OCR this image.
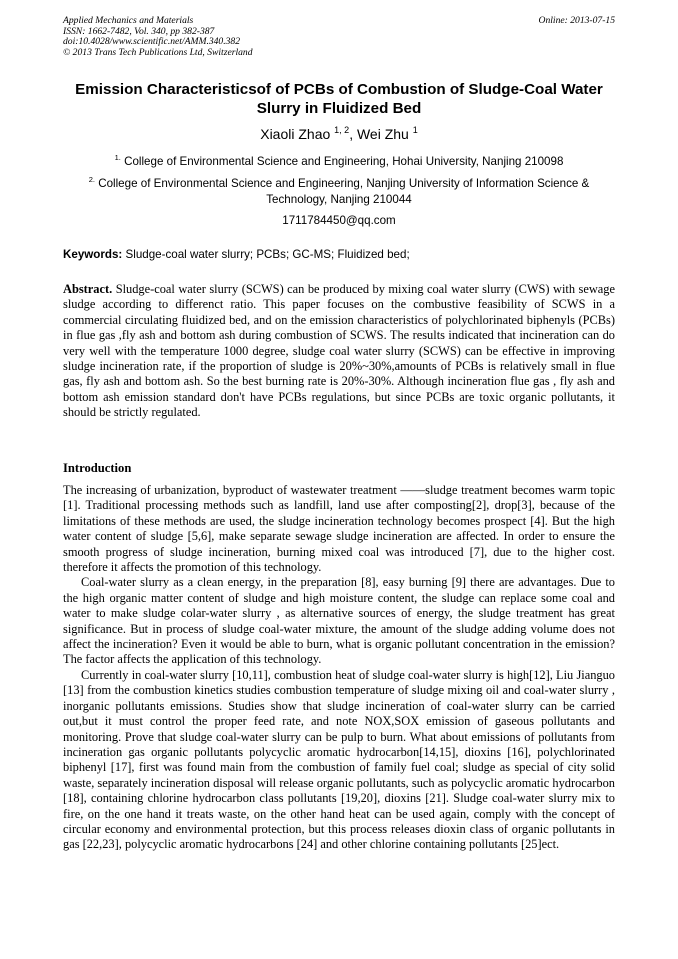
Applied Mechanics and Materials
ISSN: 1662-7482, Vol. 340, pp 382-387
doi:10.4028/www.scientific.net/AMM.340.382
© 2013 Trans Tech Publications Ltd, Switzerland
Online: 2013-07-15
Emission Characteristicsof of PCBs of Combustion of Sludge-Coal Water Slurry in Fluidized Bed
Xiaoli Zhao $^{1, 2}$, Wei Zhu $^1$
$^{1.}$ College of Environmental Science and Engineering, Hohai University, Nanjing 210098
$^{2.}$ College of Environmental Science and Engineering, Nanjing University of Information Science & Technology, Nanjing 210044
1711784450@qq.com
Keywords: Sludge-coal water slurry; PCBs; GC-MS; Fluidized bed;

Abstract. Sludge-coal water slurry (SCWS) can be produced by mixing coal water slurry (CWS) with sewage sludge according to differenct ratio. This paper focuses on the combustive feasibility of SCWS in a commercial circulating fluidized bed, and on the emission characteristics of polychlorinated biphenyls (PCBs) in flue gas ,fly ash and bottom ash during combustion of SCWS. The results indicated that incineration can do very well with the temperature 1000 degree, sludge coal water slurry (SCWS) can be effective in improving sludge incineration rate, if the proportion of sludge is 20%~30%,amounts of PCBs is relatively small in flue gas, fly ash and bottom ash. So the best burning rate is 20%-30%. Although incineration flue gas , fly ash and bottom ash emission standard don't have PCBs regulations, but since PCBs are toxic organic pollutants, it should be strictly regulated.

Introduction

The increasing of urbanization, byproduct of wastewater treatment ——sludge treatment becomes warm topic [1]. Traditional processing methods such as landfill, land use after composting[2], drop[3], because of the limitations of these methods are used, the sludge incineration technology becomes prospect [4]. But the high water content of sludge [5,6], make separate sewage sludge incineration are affected. In order to ensure the smooth progress of sludge incineration, burning mixed coal was introduced [7], due to the higher cost. therefore it affects the promotion of this technology.

Coal-water slurry as a clean energy, in the preparation [8], easy burning [9] there are advantages. Due to the high organic matter content of sludge and high moisture content, the sludge can replace some coal and water to make sludge colar-water slurry , as alternative sources of energy, the sludge treatment has great significance. But in process of sludge coal-water mixture, the amount of the sludge adding volume does not affect the incineration? Even it would be able to burn, what is organic pollutant concentration in the emission? The factor affects the application of this technology.

Currently in coal-water slurry [10,11], combustion heat of sludge coal-water slurry is high[12], Liu Jianguo [13] from the combustion kinetics studies combustion temperature of sludge mixing oil and coal-water slurry , inorganic pollutants emissions. Studies show that sludge incineration of coal-water slurry can be carried out,but it must control the proper feed rate, and note NOX,SOX emission of gaseous pollutants and monitoring. Prove that sludge coal-water slurry can be pulp to burn. What about emissions of pollutants from incineration gas organic pollutants polycyclic aromatic hydrocarbon[14,15], dioxins [16], polychlorinated biphenyl [17], first was found main from the combustion of family fuel coal; sludge as special of city solid waste, separately incineration disposal will release organic pollutants, such as polycyclic aromatic hydrocarbon [18], containing chlorine hydrocarbon class pollutants [19,20], dioxins [21]. Sludge coal-water slurry mix to fire, on the one hand it treats waste, on the other hand heat can be used again, comply with the concept of circular economy and environmental protection, but this process releases dioxin class of organic pollutants in gas [22,23], polycyclic aromatic hydrocarbons [24] and other chlorine containing pollutants [25]ect.
